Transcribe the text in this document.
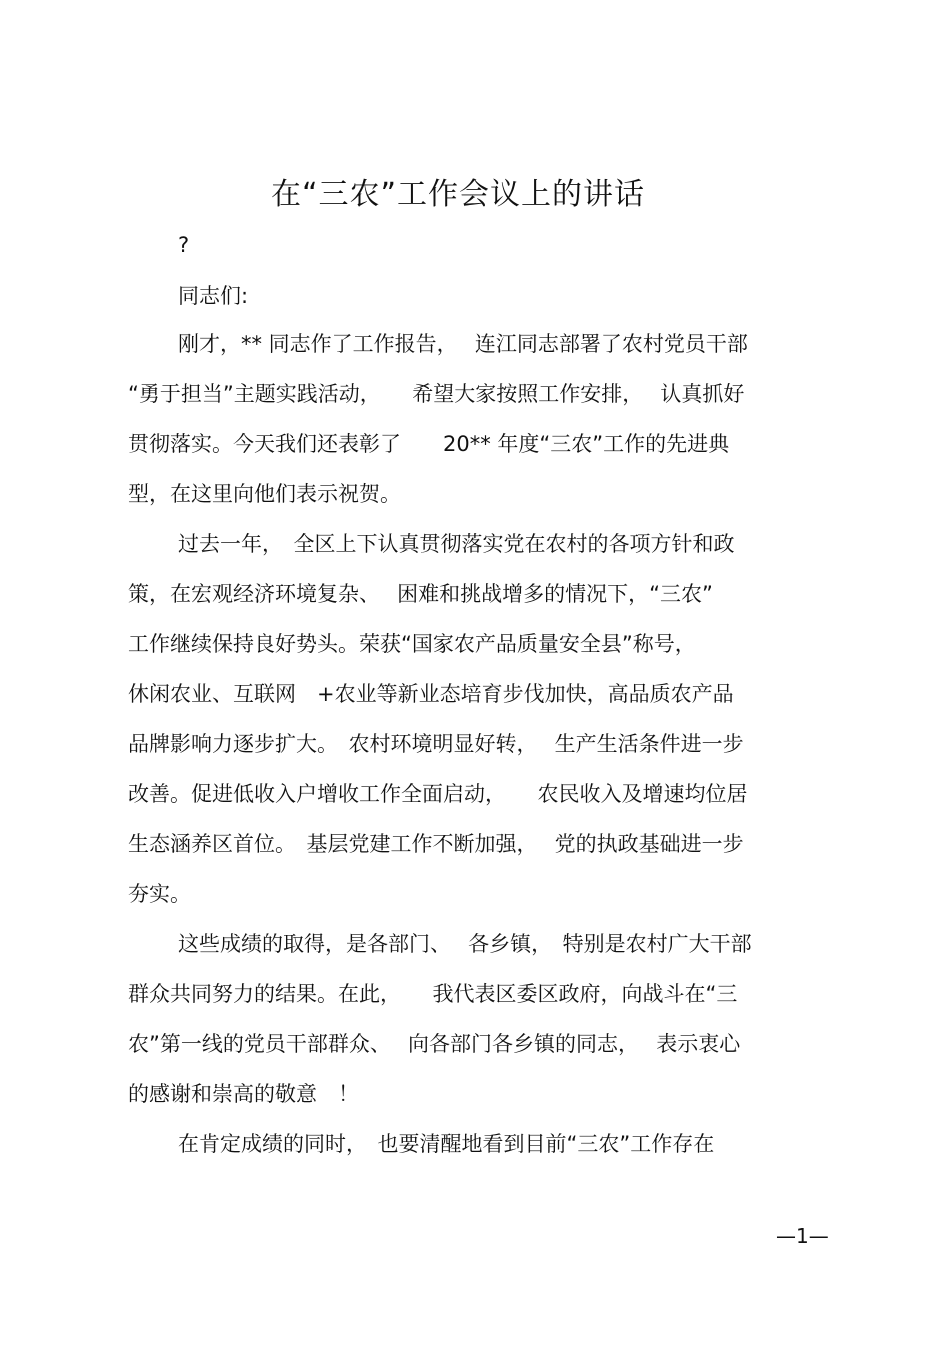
在“三农”工作会议上的讲话
?
同志们:
刚才，** 同志作了工作报告，　 连江同志部署了农村党员干部
“勇于担当”主题实践活动，　　希望大家按照工作安排，　 认真抓好
贯彻落实。今天我们还表彰了　　20** 年度“三农”工作的先进典
型，在这里向他们表示祝贺。
过去一年，　全区上下认真贯彻落实党在农村的各项方针和政
策，在宏观经济环境复杂、　 困难和挑战增多的情况下，“三农”
工作继续保持良好势头。荣获“国家农产品质量安全县”称号，
休闲农业、互联网　+农业等新业态培育步伐加快，高品质农产品
品牌影响力逐步扩大。　农村环境明显好转，　 生产生活条件进一步
改善。促进低收入户增收工作全面启动，　　农民收入及增速均位居
生态涵养区首位。　基层党建工作不断加强，　 党的执政基础进一步
夯实。
这些成绩的取得，是各部门、　 各乡镇，　特别是农村广大干部
群众共同努力的结果。在此，　　我代表区委区政府，向战斗在“三
农”第一线的党员干部群众、　 向各部门各乡镇的同志，　 表示衷心
的感谢和崇高的敬意　！
在肯定成绩的同时，　也要清醒地看到目前“三农”工作存在
—1—
